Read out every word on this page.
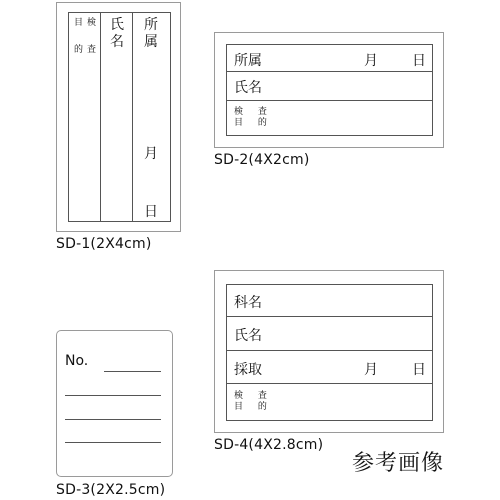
目
的
検
査
氏
名
所
属
月
日
SD-1(2X4cm)
所属	月 日
氏名
検 査
目 的
SD-2(4X2cm)
No.
SD-3(2X2.5cm)
科名
氏名
採取	月 日
検 査
目 的
SD-4(4X2.8cm)
参考画像
